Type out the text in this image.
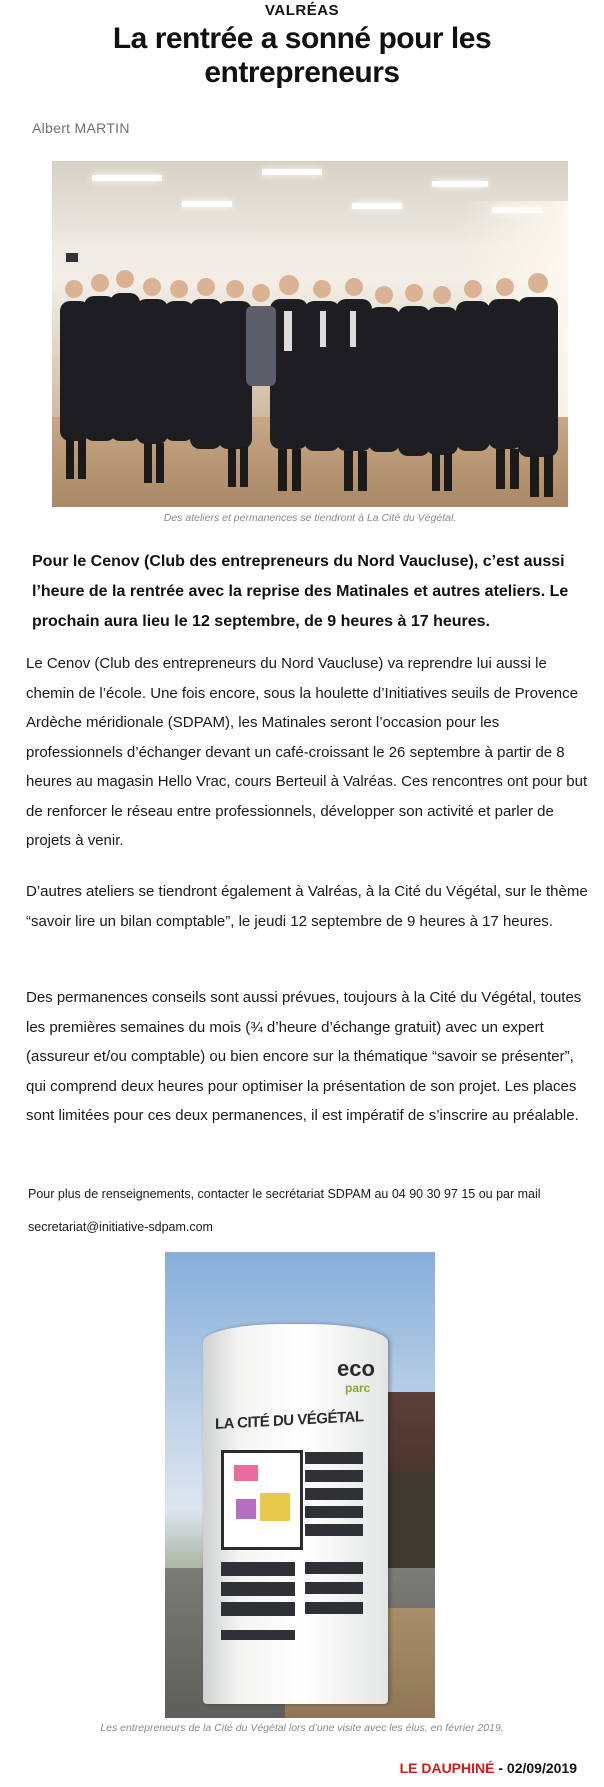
VALRÉAS
La rentrée a sonné pour les entrepreneurs
Albert MARTIN
Des ateliers et permanences se tiendront à La Cité du Végétal.
Pour le Cenov (Club des entrepreneurs du Nord Vaucluse), c’est aussi l’heure de la rentrée avec la reprise des Matinales et autres ateliers. Le prochain aura lieu le 12 septembre, de 9 heures à 17 heures.
Le Cenov (Club des entrepreneurs du Nord Vaucluse) va reprendre lui aussi le chemin de l’école. Une fois encore, sous la houlette d’Initiatives seuils de Provence Ardèche méridionale (SDPAM), les Matinales seront l’occasion pour les professionnels d’échanger devant un café-croissant le 26 septembre à partir de 8 heures au magasin Hello Vrac, cours Berteuil à Valréas. Ces rencontres ont pour but de renforcer le réseau entre professionnels, développer son activité et parler de projets à venir.
D’autres ateliers se tiendront également à Valréas, à la Cité du Végétal, sur le thème “savoir lire un bilan comptable”, le jeudi 12 septembre de 9 heures à 17 heures.
Des permanences conseils sont aussi prévues, toujours à la Cité du Végétal, toutes les premières semaines du mois (¾ d’heure d’échange gratuit) avec un expert (assureur et/ou comptable) ou bien encore sur la thématique “savoir se présenter”, qui comprend deux heures pour optimiser la présentation de son projet. Les places sont limitées pour ces deux permanences, il est impératif de s’inscrire au préalable.
Pour plus de renseignements, contacter le secrétariat SDPAM au 04 90 30 97 15 ou par mail secretariat@initiative-sdpam.com
LA CITÉ DU VÉGÉTAL
eco
parc
Les entrepreneurs de la Cité du Végétal lors d’une visite avec les élus, en février 2019.
LE DAUPHINÉ - 02/09/2019
